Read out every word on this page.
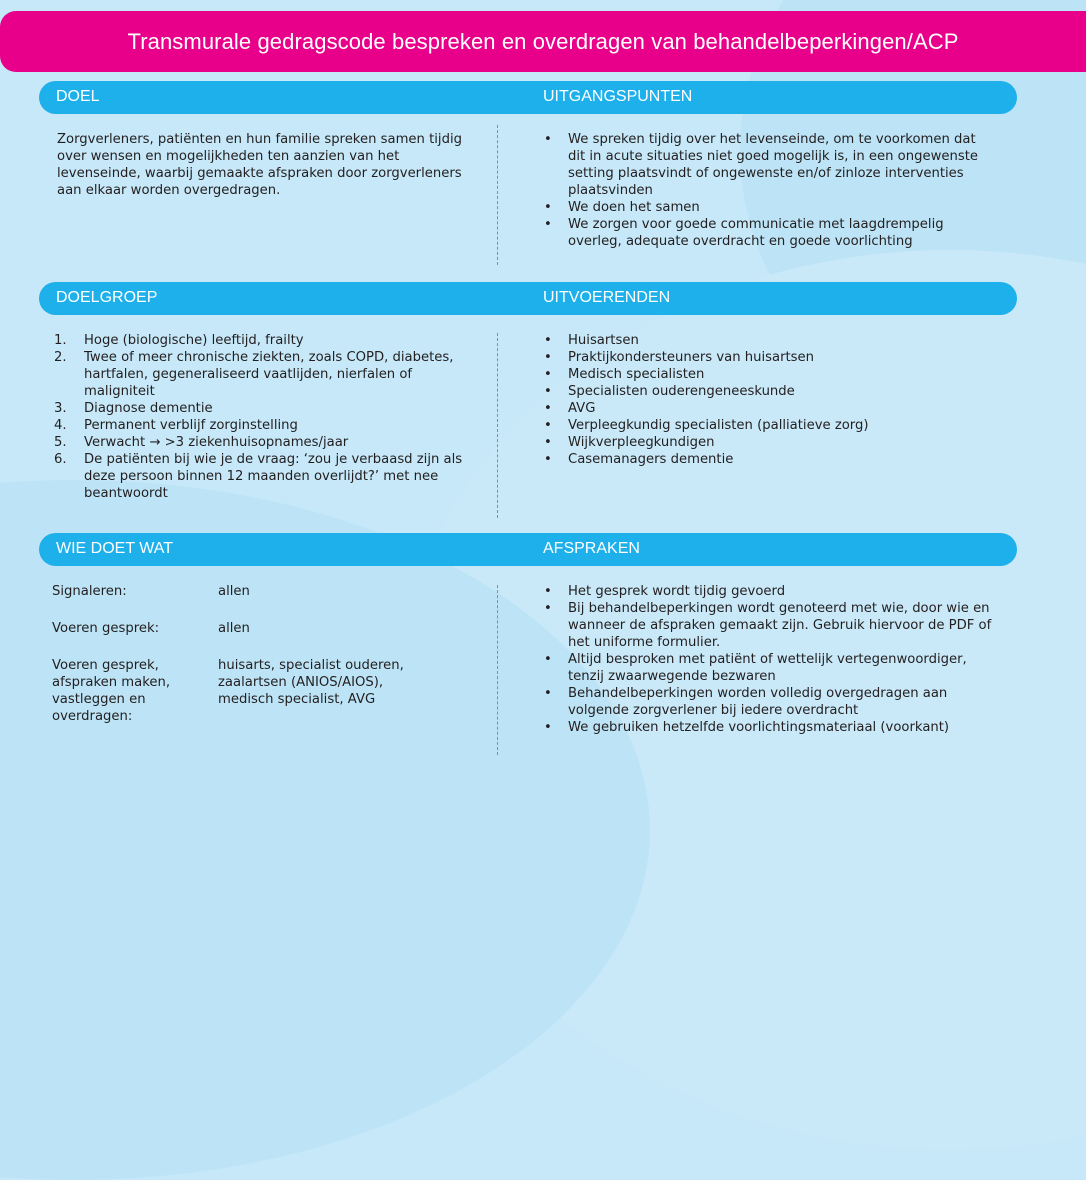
Transmurale gedragscode bespreken en overdragen van behandelbeperkingen/ACP
DOEL	UITGANGSPUNTEN
Zorgverleners, patiënten en hun familie spreken samen tijdig over wensen en mogelijkheden ten aanzien van het levenseinde, waarbij gemaakte afspraken door zorgverleners aan elkaar worden overgedragen.
• We spreken tijdig over het levenseinde, om te voorkomen dat dit in acute situaties niet goed mogelijk is, in een ongewenste setting plaatsvindt of ongewenste en/of zinloze interventies plaatsvinden
• We doen het samen
• We zorgen voor goede communicatie met laagdrempelig overleg, adequate overdracht en goede voorlichting
DOELGROEP	UITVOERENDEN
1. Hoge (biologische) leeftijd, frailty
2. Twee of meer chronische ziekten, zoals COPD, diabetes, hartfalen, gegeneraliseerd vaatlijden, nierfalen of maligniteit
3. Diagnose dementie
4. Permanent verblijf zorginstelling
5. Verwacht → >3 ziekenhuisopnames/jaar
6. De patiënten bij wie je de vraag: ‘zou je verbaasd zijn als deze persoon binnen 12 maanden overlijdt?’ met nee beantwoordt
• Huisartsen
• Praktijkondersteuners van huisartsen
• Medisch specialisten
• Specialisten ouderengeneeskunde
• AVG
• Verpleegkundig specialisten (palliatieve zorg)
• Wijkverpleegkundigen
• Casemanagers dementie
WIE DOET WAT	AFSPRAKEN
Signaleren:	allen
Voeren gesprek:	allen
Voeren gesprek, afspraken maken, vastleggen en overdragen:
huisarts, specialist ouderen, zaalartsen (ANIOS/AIOS), medisch specialist, AVG
• Het gesprek wordt tijdig gevoerd
• Bij behandelbeperkingen wordt genoteerd met wie, door wie en wanneer de afspraken gemaakt zijn. Gebruik hiervoor de PDF of het uniforme formulier.
• Altijd besproken met patiënt of wettelijk vertegenwoordiger, tenzij zwaarwegende bezwaren
• Behandelbeperkingen worden volledig overgedragen aan volgende zorgverlener bij iedere overdracht
• We gebruiken hetzelfde voorlichtingsmateriaal (voorkant)
